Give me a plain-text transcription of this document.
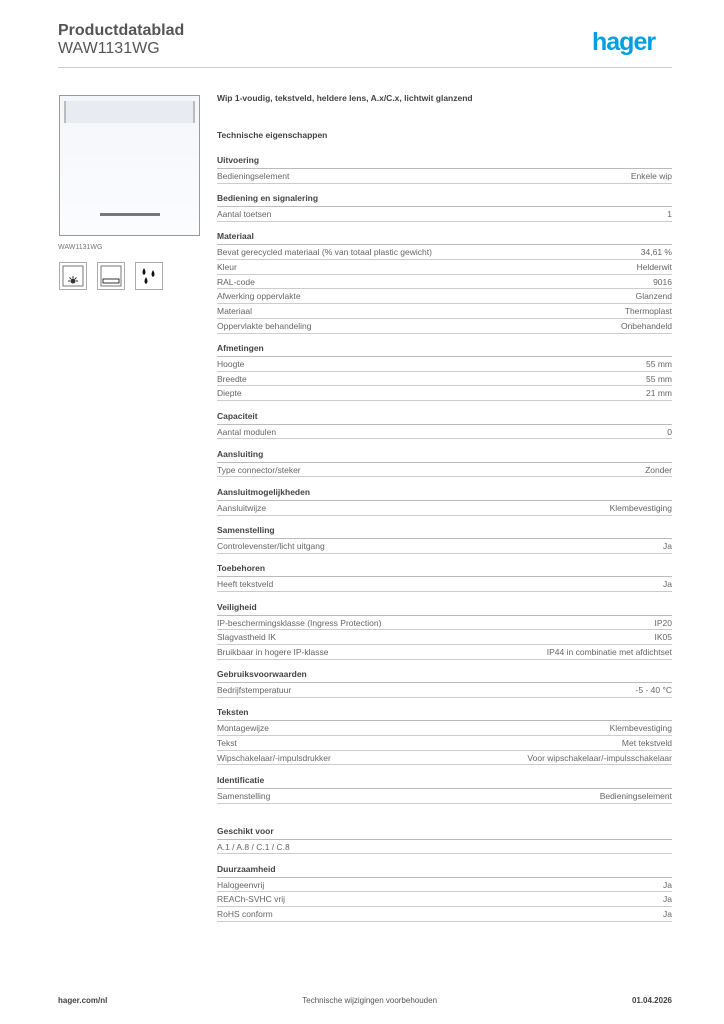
Productdatablad
WAW1131WG	hager
WAW1131WG
Wip 1-voudig, tekstveld, heldere lens, A.x/C.x, lichtwit glanzend
Technische eigenschappen
Uitvoering
Bedieningselement	Enkele wip
Bediening en signalering
Aantal toetsen	1
Materiaal
Bevat gerecycled materiaal (% van totaal plastic gewicht)	34,61 %
Kleur	Helderwit
RAL-code	9016
Afwerking oppervlakte	Glanzend
Materiaal	Thermoplast
Oppervlakte behandeling	Onbehandeld
Afmetingen
Hoogte	55 mm
Breedte	55 mm
Diepte	21 mm
Capaciteit
Aantal modulen	0
Aansluiting
Type connector/steker	Zonder
Aansluitmogelijkheden
Aansluitwijze	Klembevestiging
Samenstelling
Controlevenster/licht uitgang	Ja
Toebehoren
Heeft tekstveld	Ja
Veiligheid
IP-beschermingsklasse (Ingress Protection)	IP20
Slagvastheid IK	IK05
Bruikbaar in hogere IP-klasse	IP44 in combinatie met afdichtset
Gebruiksvoorwaarden
Bedrijfstemperatuur	-5 - 40 °C
Teksten
Montagewijze	Klembevestiging
Tekst	Met tekstveld
Wipschakelaar/-impulsdrukker	Voor wipschakelaar/-impulsschakelaar
Identificatie
Samenstelling	Bedieningselement
Geschikt voor
A.1 / A.8 / C.1 / C.8
Duurzaamheid
Halogeenvrij	Ja
REACh-SVHC vrij	Ja
RoHS conform	Ja
hager.com/nl	Technische wijzigingen voorbehouden	01.04.2026
